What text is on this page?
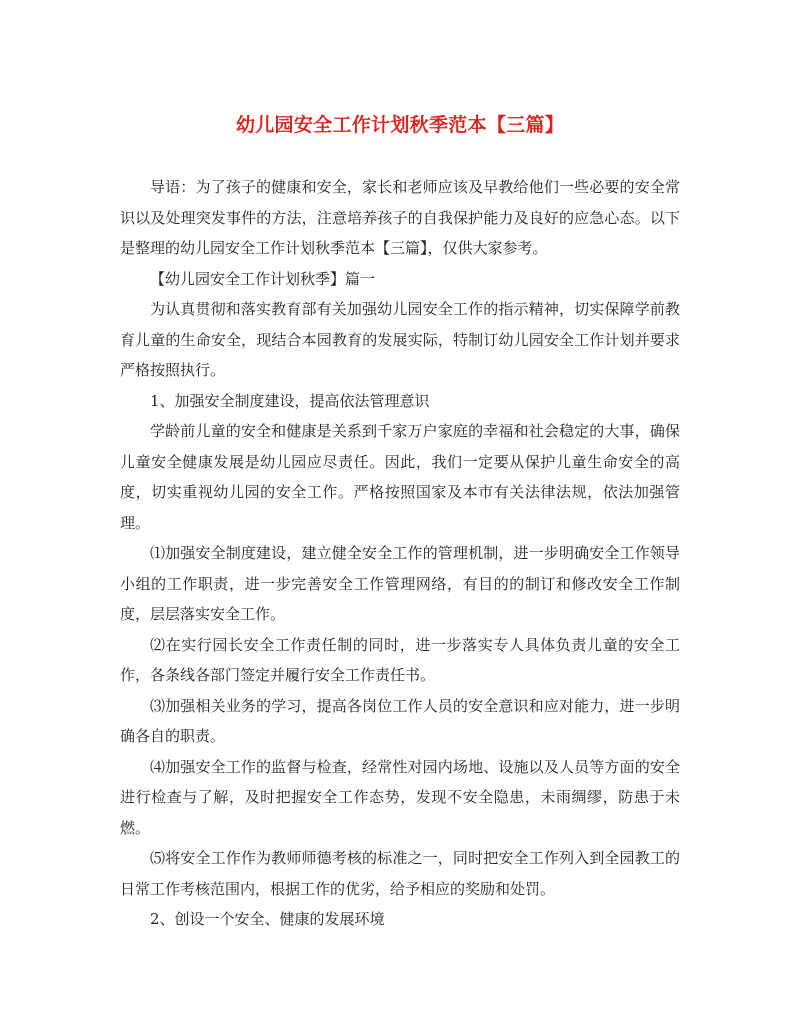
幼儿园安全工作计划秋季范本【三篇】

导语：为了孩子的健康和安全，家长和老师应该及早教给他们一些必要的安全常识以及处理突发事件的方法，注意培养孩子的自我保护能力及良好的应急心态。以下是整理的幼儿园安全工作计划秋季范本【三篇】，仅供大家参考。

【幼儿园安全工作计划秋季】篇一

为认真贯彻和落实教育部有关加强幼儿园安全工作的指示精神，切实保障学前教育儿童的生命安全，现结合本园教育的发展实际，特制订幼儿园安全工作计划并要求严格按照执行。

1、加强安全制度建设，提高依法管理意识

学龄前儿童的安全和健康是关系到千家万户家庭的幸福和社会稳定的大事，确保儿童安全健康发展是幼儿园应尽责任。因此，我们一定要从保护儿童生命安全的高度，切实重视幼儿园的安全工作。严格按照国家及本市有关法律法规，依法加强管理。

⑴加强安全制度建设，建立健全安全工作的管理机制，进一步明确安全工作领导小组的工作职责，进一步完善安全工作管理网络，有目的的制订和修改安全工作制度，层层落实安全工作。

⑵在实行园长安全工作责任制的同时，进一步落实专人具体负责儿童的安全工作，各条线各部门签定并履行安全工作责任书。

⑶加强相关业务的学习，提高各岗位工作人员的安全意识和应对能力，进一步明确各自的职责。

⑷加强安全工作的监督与检查，经常性对园内场地、设施以及人员等方面的安全进行检查与了解，及时把握安全工作态势，发现不安全隐患，未雨绸缪，防患于未燃。

⑸将安全工作作为教师师德考核的标准之一，同时把安全工作列入到全园教工的日常工作考核范围内，根据工作的优劣，给予相应的奖励和处罚。

2、创设一个安全、健康的发展环境
